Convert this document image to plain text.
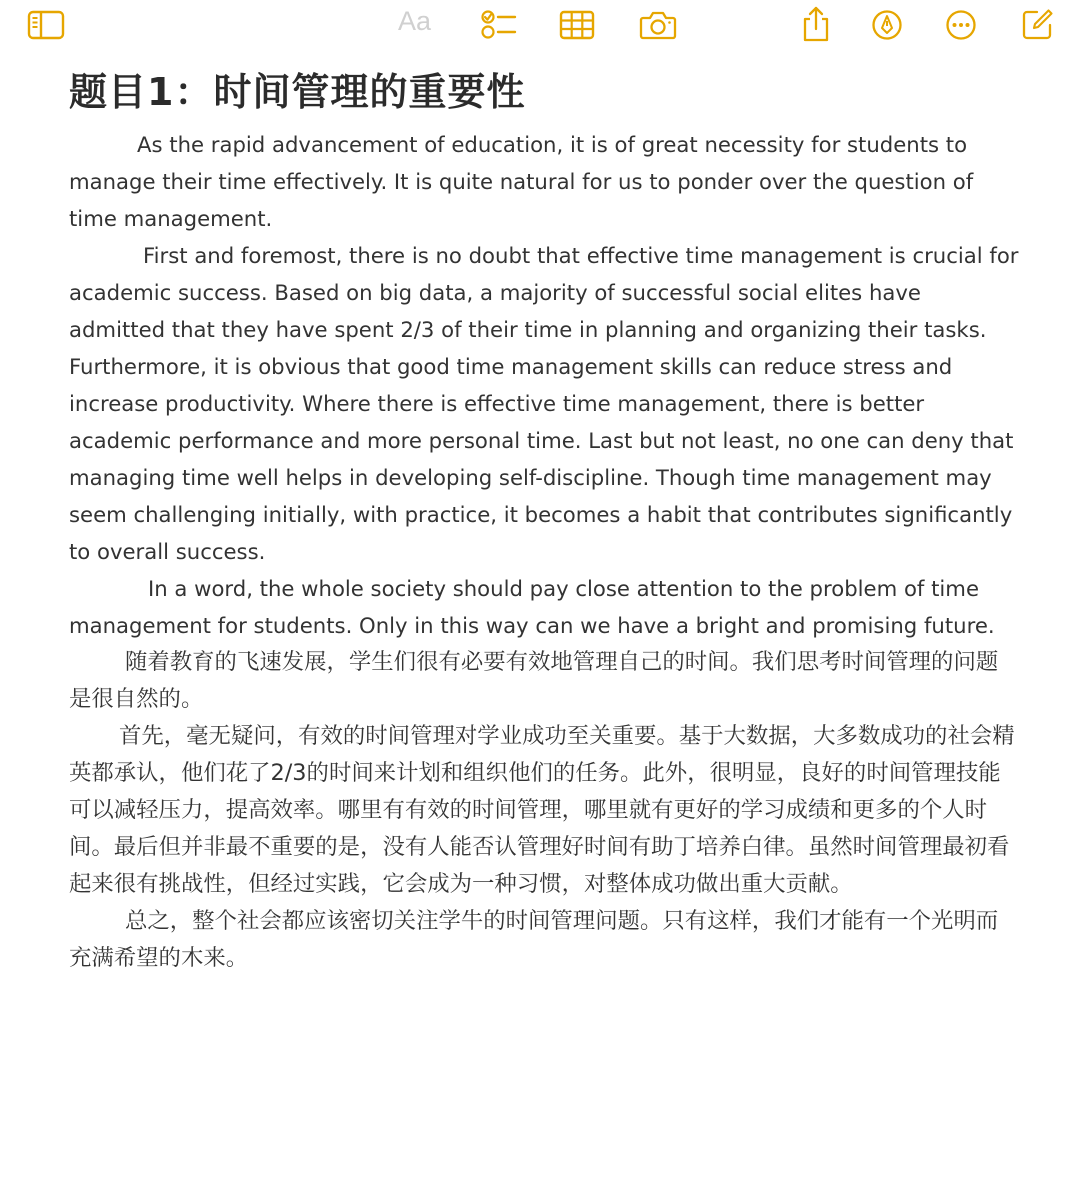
Aa
题目1：时间管理的重要性

As the rapid advancement of education, it is of great necessity for students to manage their time effectively. It is quite natural for us to ponder over the question of time management.

First and foremost, there is no doubt that effective time management is crucial for academic success. Based on big data, a majority of successful social elites have admitted that they have spent 2/3 of their time in planning and organizing their tasks. Furthermore, it is obvious that good time management skills can reduce stress and increase productivity. Where there is effective time management, there is better academic performance and more personal time. Last but not least, no one can deny that managing time well helps in developing self-discipline. Though time management may seem challenging initially, with practice, it becomes a habit that contributes significantly to overall success.

In a word, the whole society should pay close attention to the problem of time management for students. Only in this way can we have a bright and promising future.

随着教育的飞速发展，学生们很有必要有效地管理自己的时间。我们思考时间管理的问题是很自然的。

首先，毫无疑问，有效的时间管理对学业成功至关重要。基于大数据，大多数成功的社会精英都承认，他们花了2/3的时间来计划和组织他们的任务。此外，很明显，良好的时间管理技能可以减轻压力，提高效率。哪里有有效的时间管理，哪里就有更好的学习成绩和更多的个人时间。最后但并非最不重要的是，没有人能否认管理好时间有助丁培养白律。虽然时间管理最初看起来很有挑战性，但经过实践，它会成为一种习惯，对整体成功做出重大贡献。

总之，整个社会都应该密切关注学牛的时间管理问题。只有这样，我们才能有一个光明而充满希望的木来。
